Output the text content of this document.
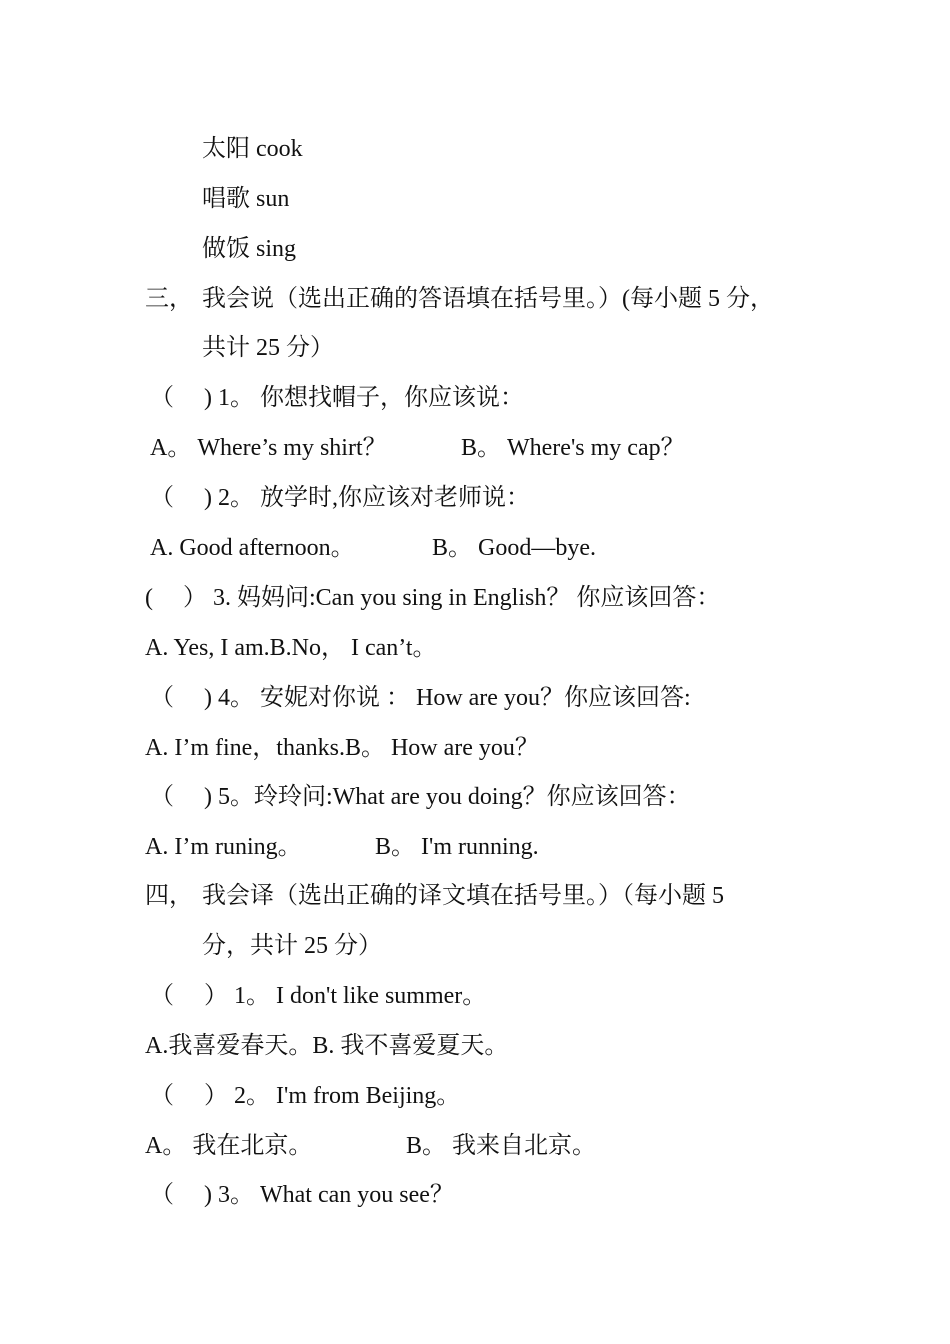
太阳 cook
唱歌 sun
做饭 sing
三， 我会说（选出正确的答语填在括号里。）(每小题 5 分，
共计 25 分）
（　 ) 1。 你想找帽子，你应该说：
A。 Where’s my shirt？	B。 Where's my cap？
（　 ) 2。 放学时,你应该对老师说：
A. Good afternoon。	B。 Good—bye.
(　 ） 3. 妈妈问:Can you sing in English？ 你应该回答：
A. Yes, I am.B.No， I can’t。
（　 ) 4。 安妮对你说 ： How are you？你应该回答:
A. I’m fine，thanks.B。 How are you？
（　 ) 5。玲玲问:What are you doing？你应该回答：
A. I’m runing。	B。 I'm running.
四， 我会译（选出正确的译文填在括号里。）（每小题 5
分，共计 25 分）
（　 ） 1。 I don't like summer。
A.我喜爱春天。B. 我不喜爱夏天。
（　 ） 2。 I'm from Beijing。
A。 我在北京。	B。 我来自北京。
（　 ) 3。 What can you see？
